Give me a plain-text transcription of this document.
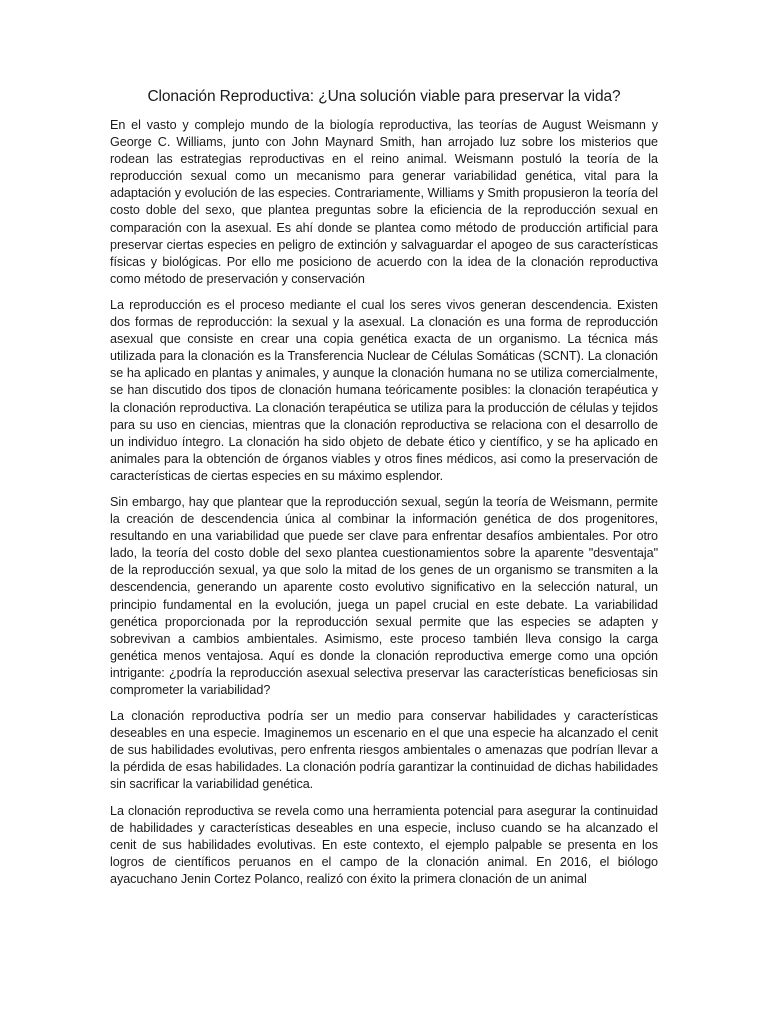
Clonación Reproductiva: ¿Una solución viable para preservar la vida?

En el vasto y complejo mundo de la biología reproductiva, las teorías de August Weismann y George C. Williams, junto con John Maynard Smith, han arrojado luz sobre los misterios que rodean las estrategias reproductivas en el reino animal. Weismann postuló la teoría de la reproducción sexual como un mecanismo para generar variabilidad genética, vital para la adaptación y evolución de las especies. Contrariamente, Williams y Smith propusieron la teoría del costo doble del sexo, que plantea preguntas sobre la eficiencia de la reproducción sexual en comparación con la asexual. Es ahí donde se plantea como método de producción artificial para preservar ciertas especies en peligro de extinción y salvaguardar el apogeo de sus características físicas y biológicas. Por ello me posiciono de acuerdo con la idea de la clonación reproductiva como método de preservación y conservación

La reproducción es el proceso mediante el cual los seres vivos generan descendencia. Existen dos formas de reproducción: la sexual y la asexual. La clonación es una forma de reproducción asexual que consiste en crear una copia genética exacta de un organismo. La técnica más utilizada para la clonación es la Transferencia Nuclear de Células Somáticas (SCNT). La clonación se ha aplicado en plantas y animales, y aunque la clonación humana no se utiliza comercialmente, se han discutido dos tipos de clonación humana teóricamente posibles: la clonación terapéutica y la clonación reproductiva. La clonación terapéutica se utiliza para la producción de células y tejidos para su uso en ciencias, mientras que la clonación reproductiva se relaciona con el desarrollo de un individuo íntegro. La clonación ha sido objeto de debate ético y científico, y se ha aplicado en animales para la obtención de órganos viables y otros fines médicos, asi como la preservación de características de ciertas especies en su máximo esplendor.

Sin embargo, hay que plantear que la reproducción sexual, según la teoría de Weismann, permite la creación de descendencia única al combinar la información genética de dos progenitores, resultando en una variabilidad que puede ser clave para enfrentar desafíos ambientales. Por otro lado, la teoría del costo doble del sexo plantea cuestionamientos sobre la aparente "desventaja" de la reproducción sexual, ya que solo la mitad de los genes de un organismo se transmiten a la descendencia, generando un aparente costo evolutivo significativo en la selección natural, un principio fundamental en la evolución, juega un papel crucial en este debate. La variabilidad genética proporcionada por la reproducción sexual permite que las especies se adapten y sobrevivan a cambios ambientales. Asimismo, este proceso también lleva consigo la carga genética menos ventajosa. Aquí es donde la clonación reproductiva emerge como una opción intrigante: ¿podría la reproducción asexual selectiva preservar las características beneficiosas sin comprometer la variabilidad?

La clonación reproductiva podría ser un medio para conservar habilidades y características deseables en una especie. Imaginemos un escenario en el que una especie ha alcanzado el cenit de sus habilidades evolutivas, pero enfrenta riesgos ambientales o amenazas que podrían llevar a la pérdida de esas habilidades. La clonación podría garantizar la continuidad de dichas habilidades sin sacrificar la variabilidad genética.

La clonación reproductiva se revela como una herramienta potencial para asegurar la continuidad de habilidades y características deseables en una especie, incluso cuando se ha alcanzado el cenit de sus habilidades evolutivas. En este contexto, el ejemplo palpable se presenta en los logros de científicos peruanos en el campo de la clonación animal. En 2016, el biólogo ayacuchano Jenin Cortez Polanco, realizó con éxito la primera clonación de un animal
